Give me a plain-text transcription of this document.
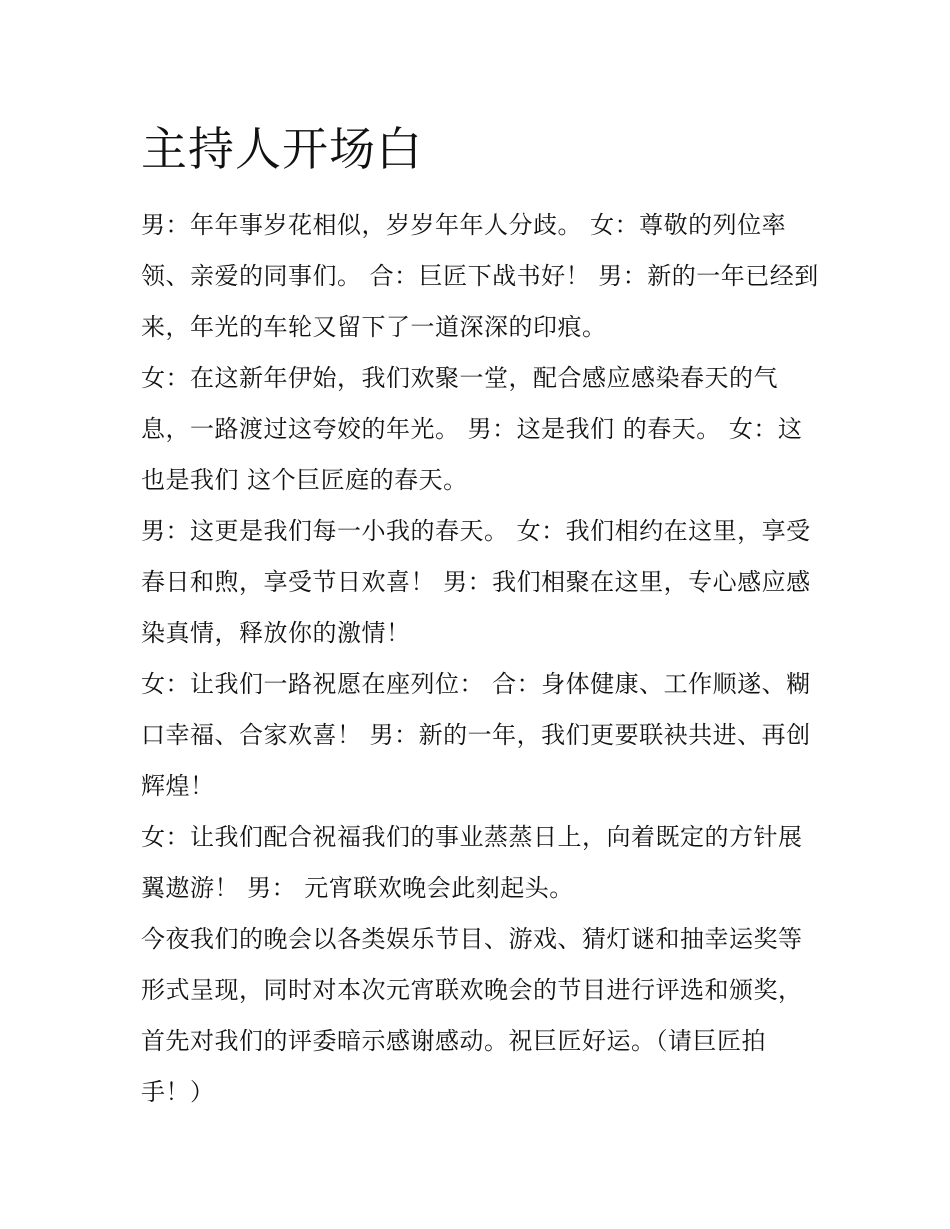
主持人开场白

男：年年事岁花相似，岁岁年年人分歧。 女：尊敬的列位率领、亲爱的同事们。 合：巨匠下战书好！ 男：新的一年已经到来，年光的车轮又留下了一道深深的印痕。

女：在这新年伊始，我们欢聚一堂，配合感应感染春天的气息，一路渡过这夸姣的年光。 男：这是我们 的春天。 女：这也是我们 这个巨匠庭的春天。

男：这更是我们每一小我的春天。 女：我们相约在这里，享受春日和煦，享受节日欢喜！ 男：我们相聚在这里，专心感应感染真情，释放你的激情！

女：让我们一路祝愿在座列位： 合：身体健康、工作顺遂、糊口幸福、合家欢喜！ 男：新的一年，我们更要联袂共进、再创辉煌！

女：让我们配合祝福我们的事业蒸蒸日上，向着既定的方针展翼遨游！ 男： 元宵联欢晚会此刻起头。

今夜我们的晚会以各类娱乐节目、游戏、猜灯谜和抽幸运奖等形式呈现，同时对本次元宵联欢晚会的节目进行评选和颁奖，首先对我们的评委暗示感谢感动。祝巨匠好运。（请巨匠拍手！）
